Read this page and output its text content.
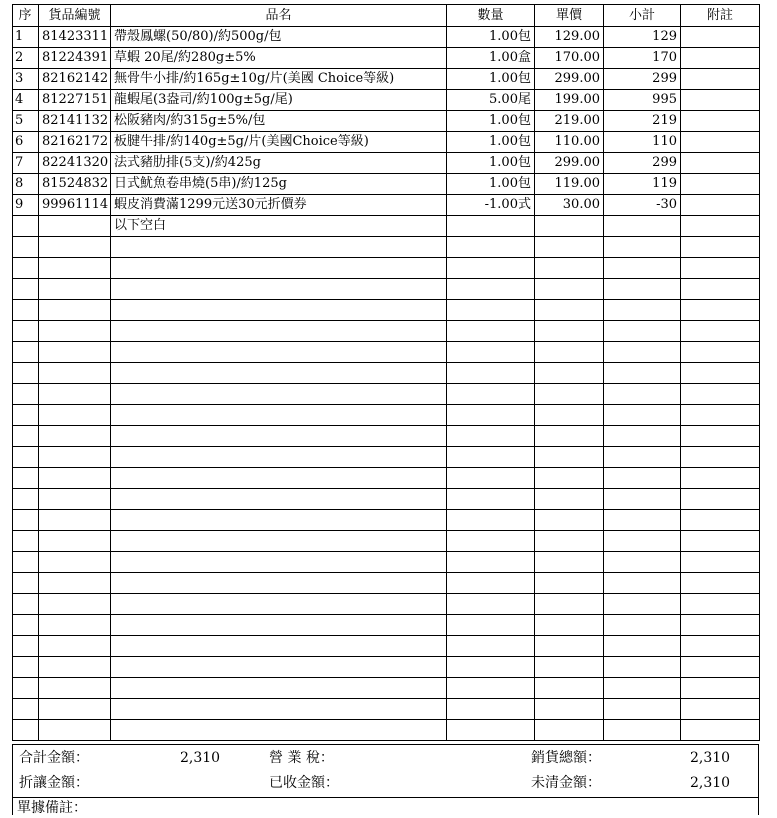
序	貨品編號	品名	數量	單價	小計	附註
1	81423311	帶殼鳳螺(50/80)/約500g/包	1.00包	129.00	129	
2	81224391	草蝦 20尾/約280g±5%	1.00盒	170.00	170	
3	82162142	無骨牛小排/約165g±10g/片(美國 Choice等級)	1.00包	299.00	299	
4	81227151	龍蝦尾(3盎司/約100g±5g/尾)	5.00尾	199.00	995	
5	82141132	松阪豬肉/約315g±5%/包	1.00包	219.00	219	
6	82162172	板腱牛排/約140g±5g/片(美國Choice等級)	1.00包	110.00	110	
7	82241320	法式豬肋排(5支)/約425g	1.00包	299.00	299	
8	81524832	日式魷魚卷串燒(5串)/約125g	1.00包	119.00	119	
9	99961114	蝦皮消費滿1299元送30元折價券	-1.00式	30.00	-30	
		以下空白				

合計金額：	2,310	營 業 稅：	銷貨總額：	2,310
折讓金額：	已收金額：	未清金額：	2,310
單據備註：
